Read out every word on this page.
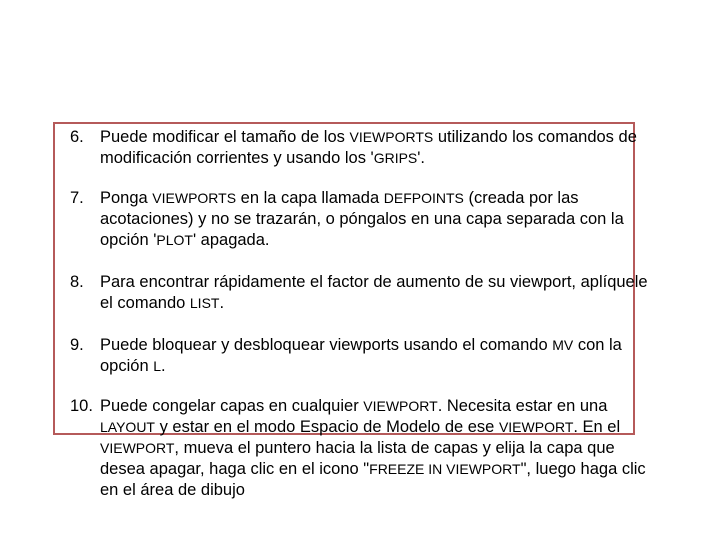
6. Puede modificar el tamaño de los VIEWPORTS utilizando los comandos de modificación corrientes y usando los 'GRIPS'.

7. Ponga VIEWPORTS en la capa llamada DEFPOINTS (creada por las acotaciones) y no se trazarán, o póngalos en una capa separada con la opción 'PLOT' apagada.

8. Para encontrar rápidamente el factor de aumento de su viewport, aplíquele el comando LIST.

9. Puede bloquear y desbloquear viewports usando el comando MV con la opción L.

10. Puede congelar capas en cualquier VIEWPORT. Necesita estar en una LAYOUT y estar en el modo Espacio de Modelo de ese VIEWPORT. En el VIEWPORT, mueva el puntero hacia la lista de capas y elija la capa que desea apagar, haga clic en el icono "FREEZE IN VIEWPORT", luego haga clic en el área de dibujo
